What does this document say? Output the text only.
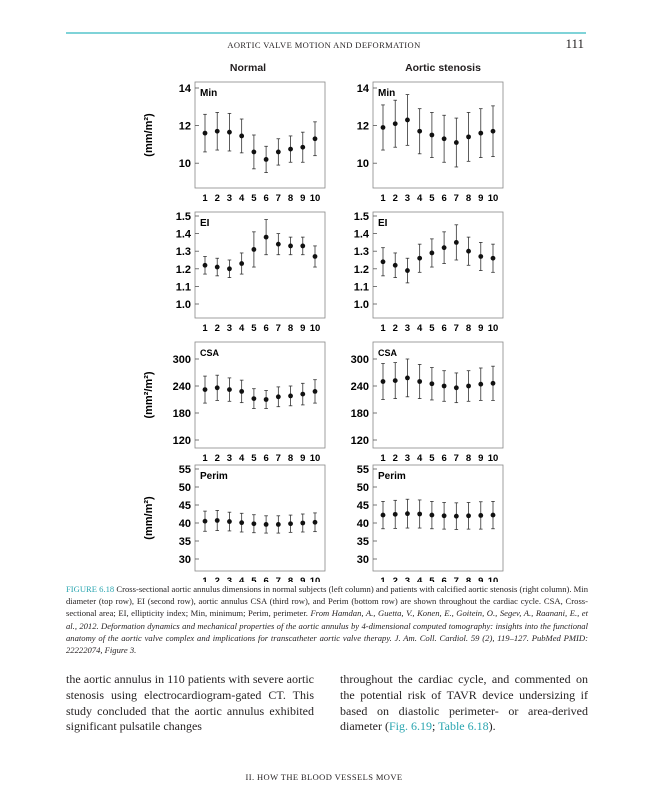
AORTIC VALVE MOTION AND DEFORMATION	111
Normal	Aortic stenosis
(mm/m²)
Min
14
12
10
1 2 3 4 5 6 7 8 9 10
Min
14
12
10
1 2 3 4 5 6 7 8 9 10
EI
1.5
1.4
1.3
1.2
1.1
1.0
1 2 3 4 5 6 7 8 9 10
EI
1.5
1.4
1.3
1.2
1.1
1.0
1 2 3 4 5 6 7 8 9 10
(mm²/m²)
CSA
300
240
180
120
1 2 3 4 5 6 7 8 9 10
CSA
300
240
180
120
1 2 3 4 5 6 7 8 9 10
(mm/m²)
Perim
55
50
45
40
35
30
1 2 3 4 5 6 7 8 9 10
Perim
55
50
45
40
35
30
1 2 3 4 5 6 7 8 9 10
FIGURE 6.18 Cross-sectional aortic annulus dimensions in normal subjects (left column) and patients with calcified aortic stenosis (right column). Min diameter (top row), EI (second row), aortic annulus CSA (third row), and Perim (bottom row) are shown throughout the cardiac cycle. CSA, Cross-sectional area; EI, ellipticity index; Min, minimum; Perim, perimeter. From Hamdan, A., Guetta, V., Konen, E., Goitein, O., Segev, A., Raanani, E., et al., 2012. Deformation dynamics and mechanical properties of the aortic annulus by 4-dimensional computed tomography: insights into the functional anatomy of the aortic valve complex and implications for transcatheter aortic valve therapy. J. Am. Coll. Cardiol. 59 (2), 119–127. PubMed PMID: 22222074, Figure 3.
the aortic annulus in 110 patients with severe aortic stenosis using electrocardiogram-gated CT. This study concluded that the aortic annulus exhibited significant pulsatile changes
throughout the cardiac cycle, and commented on the potential risk of TAVR device undersizing if based on diastolic perimeter- or area-derived diameter (Fig. 6.19; Table 6.18).
II. HOW THE BLOOD VESSELS MOVE
